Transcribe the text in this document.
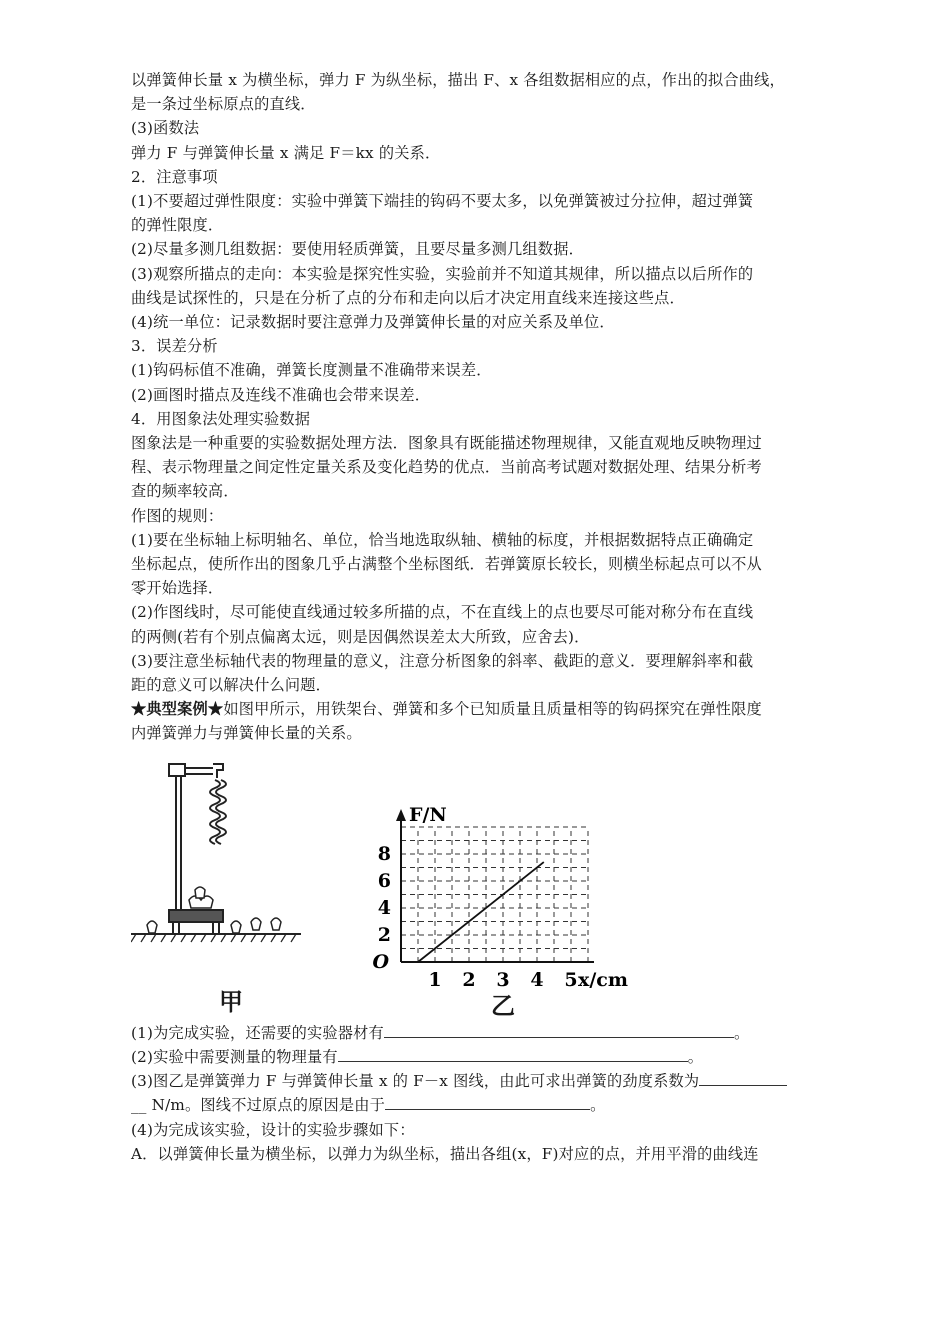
以弹簧伸长量 x 为横坐标，弹力 F 为纵坐标，描出 F、x 各组数据相应的点，作出的拟合曲线，
是一条过坐标原点的直线．
(3)函数法
弹力 F 与弹簧伸长量 x 满足 F＝kx 的关系．
2．注意事项
(1)不要超过弹性限度：实验中弹簧下端挂的钩码不要太多，以免弹簧被过分拉伸，超过弹簧
的弹性限度．
(2)尽量多测几组数据：要使用轻质弹簧，且要尽量多测几组数据．
(3)观察所描点的走向：本实验是探究性实验，实验前并不知道其规律，所以描点以后所作的
曲线是试探性的，只是在分析了点的分布和走向以后才决定用直线来连接这些点．
(4)统一单位：记录数据时要注意弹力及弹簧伸长量的对应关系及单位．
3．误差分析
(1)钩码标值不准确，弹簧长度测量不准确带来误差．
(2)画图时描点及连线不准确也会带来误差．
4．用图象法处理实验数据
图象法是一种重要的实验数据处理方法．图象具有既能描述物理规律，又能直观地反映物理过
程、表示物理量之间定性定量关系及变化趋势的优点．当前高考试题对数据处理、结果分析考
查的频率较高．
作图的规则：
(1)要在坐标轴上标明轴名、单位，恰当地选取纵轴、横轴的标度，并根据数据特点正确确定
坐标起点，使所作出的图象几乎占满整个坐标图纸．若弹簧原长较长，则横坐标起点可以不从
零开始选择．
(2)作图线时，尽可能使直线通过较多所描的点，不在直线上的点也要尽可能对称分布在直线
的两侧(若有个别点偏离太远，则是因偶然误差太大所致，应舍去)．
(3)要注意坐标轴代表的物理量的意义，注意分析图象的斜率、截距的意义．要理解斜率和截
距的意义可以解决什么问题．
★典型案例★如图甲所示，用铁架台、弹簧和多个已知质量且质量相等的钩码探究在弹性限度
内弹簧弹力与弹簧伸长量的关系。
甲
2
4
6
8
1 2 3 4 5
O
F/N
x/cm
乙
(1)为完成实验，还需要的实验器材有	。
(2)实验中需要测量的物理量有	。
(3)图乙是弹簧弹力 F 与弹簧伸长量 x 的 F－x 图线，由此可求出弹簧的劲度系数为
__ N/m。图线不过原点的原因是由于	。
(4)为完成该实验，设计的实验步骤如下：
A．以弹簧伸长量为横坐标，以弹力为纵坐标，描出各组(x，F)对应的点，并用平滑的曲线连
